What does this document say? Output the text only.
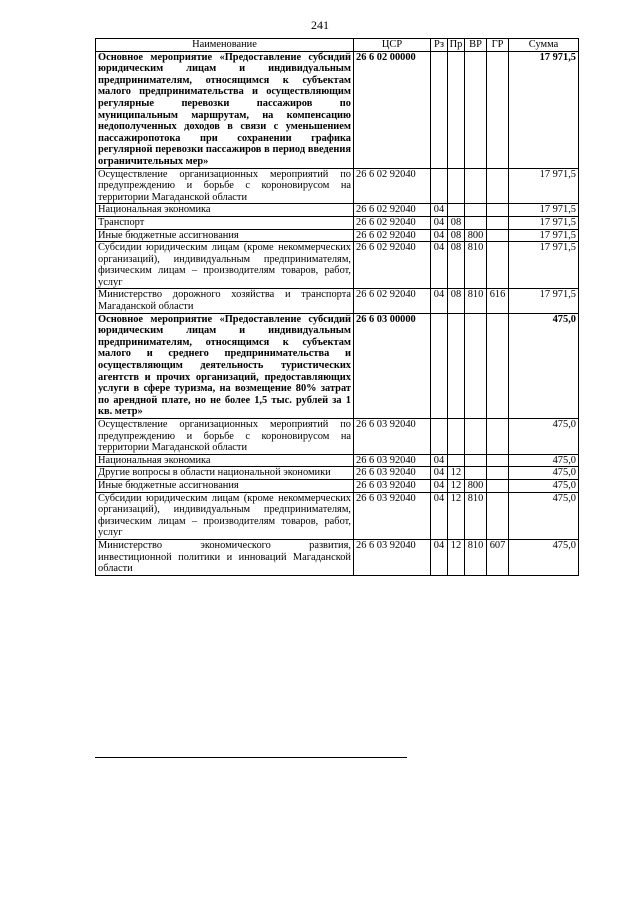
241
Наименование	ЦСР	Рз	Пр	ВР	ГР	Сумма
Основное мероприятие «Предоставление субсидий юридическим лицам и индивидуальным предпринимателям, относящимся к субъектам малого предпринимательства и осуществляющим регулярные перевозки пассажиров по муниципальным маршрутам, на компенсацию недополученных доходов в связи с уменьшением пассажиропотока при сохранении графика регулярной перевозки пассажиров в период введения ограничительных мер»	26 6 02 00000					17 971,5
Осуществление организационных мероприятий по предупреждению и борьбе с короновирусом на территории Магаданской области	26 6 02 92040					17 971,5
Национальная экономика	26 6 02 92040	04				17 971,5
Транспорт	26 6 02 92040	04	08			17 971,5
Иные бюджетные ассигнования	26 6 02 92040	04	08	800		17 971,5
Субсидии юридическим лицам (кроме некоммерческих организаций), индивидуальным предпринимателям, физическим лицам – производителям товаров, работ, услуг	26 6 02 92040	04	08	810		17 971,5
Министерство дорожного хозяйства и транспорта Магаданской области	26 6 02 92040	04	08	810	616	17 971,5
Основное мероприятие «Предоставление субсидий юридическим лицам и индивидуальным предпринимателям, относящимся к субъектам малого и среднего предпринимательства и осуществляющим деятельность туристических агентств и прочих организаций, предоставляющих услуги в сфере туризма, на возмещение 80% затрат по арендной плате, но не более 1,5 тыс. рублей за 1 кв. метр»	26 6 03 00000					475,0
Осуществление организационных мероприятий по предупреждению и борьбе с короновирусом на территории Магаданской области	26 6 03 92040					475,0
Национальная экономика	26 6 03 92040	04				475,0
Другие вопросы в области национальной экономики	26 6 03 92040	04	12			475,0
Иные бюджетные ассигнования	26 6 03 92040	04	12	800		475,0
Субсидии юридическим лицам (кроме некоммерческих организаций), индивидуальным предпринимателям, физическим лицам – производителям товаров, работ, услуг	26 6 03 92040	04	12	810		475,0
Министерство экономического развития, инвестиционной политики и инноваций Магаданской области	26 6 03 92040	04	12	810	607	475,0
